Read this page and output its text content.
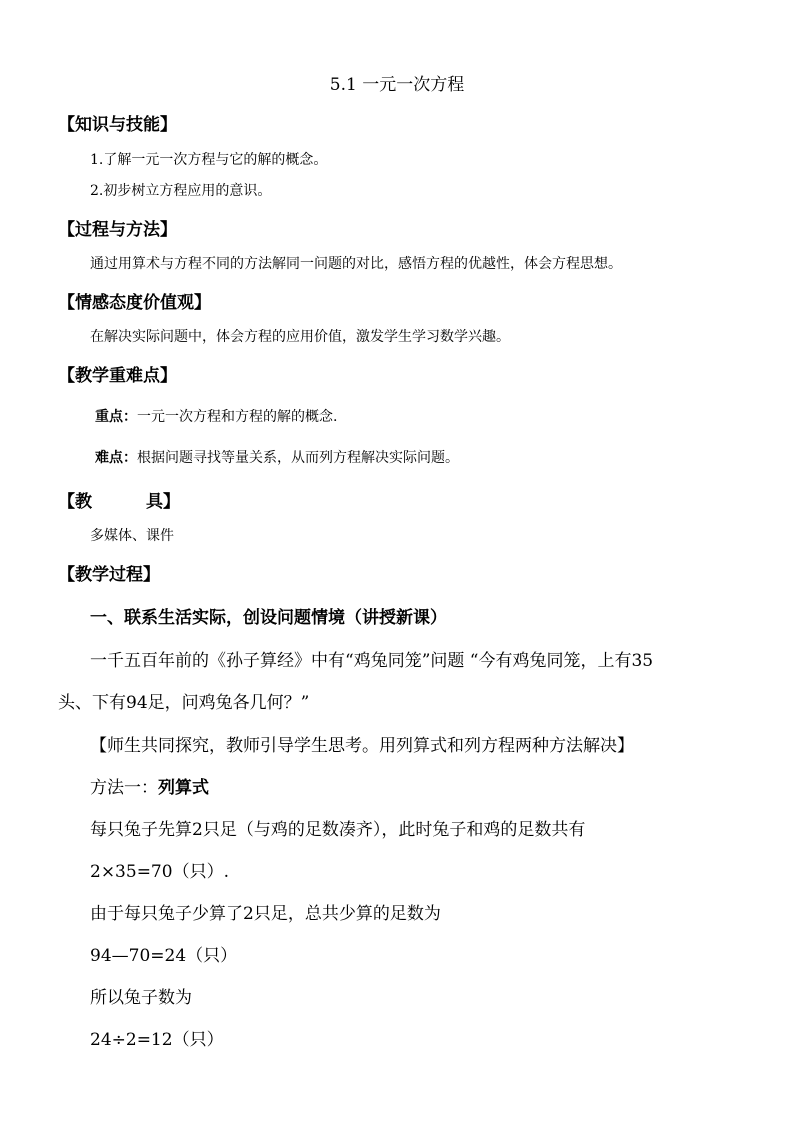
5.1 一元一次方程
【知识与技能】
1.了解一元一次方程与它的解的概念。
2.初步树立方程应用的意识。
【过程与方法】
通过用算术与方程不同的方法解同一问题的对比，感悟方程的优越性，体会方程思想。
【情感态度价值观】
在解决实际问题中，体会方程的应用价值，激发学生学习数学兴趣。
【教学重难点】
重点：一元一次方程和方程的解的概念.
难点：根据问题寻找等量关系，从而列方程解决实际问题。
【教	具】
多媒体、课件
【教学过程】
一、联系生活实际，创设问题情境（讲授新课）
一千五百年前的《孙子算经》中有“鸡兔同笼”问题 “今有鸡兔同笼，上有35
头、下有94足，问鸡兔各几何？”
【师生共同探究，教师引导学生思考。用列算式和列方程两种方法解决】
方法一：列算式
每只兔子先算2只足（与鸡的足数凑齐），此时兔子和鸡的足数共有
2×35=70（只）.
由于每只兔子少算了2只足，总共少算的足数为
94—70=24（只）
所以兔子数为
24÷2=12（只）
